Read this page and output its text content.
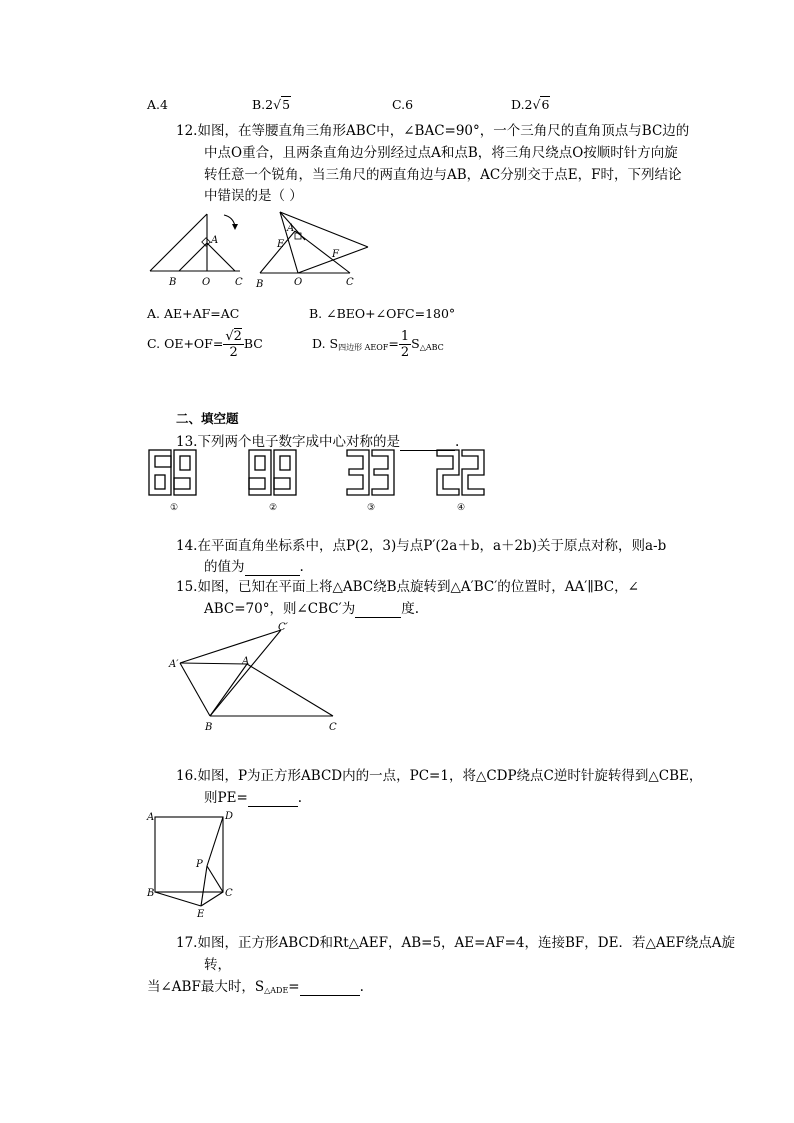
A.4	B.2√5	C.6	D.2√6
12.如图，在等腰直角三角形ABC中，∠BAC=90°，一个三角尺的直角顶点与BC边的
中点O重合，且两条直角边分别经过点A和点B，将三角尺绕点O按顺时针方向旋
转任意一个锐角，当三角尺的两直角边与AB，AC分别交于点E，F时，下列结论
中错误的是（ ）
A
B	O C
A
E
F
B	O	C
A. AE+AF=AC	B. ∠BEO+∠OFC=180°
C. $OE+OF= \frac{√2}{2}$ BC	D. $S_{四边形 AEOF}= \frac{1}{2} S_{\triangle ABC}$
二、填空题
13.下列两个电子数字成中心对称的是	.
①	②	③	④
14.在平面直角坐标系中，点P(2，3)与点P′(2a＋b，a＋2b)关于原点对称，则a-b
的值为	.
15.如图，已知在平面上将△ABC绕B点旋转到△A′BC′的位置时，AA′∥BC，∠
ABC=70°，则∠CBC′为	度.
C′
A′	A
B	C
16.如图，P为正方形ABCD内的一点，PC=1，将△CDP绕点C逆时针旋转得到△CBE，
则PE=	.
A	D
P
B	C
E
17.如图，正方形ABCD和Rt△AEF，AB=5，AE=AF=4，连接BF，DE．若△AEF绕点A旋
转，
当∠ABF最大时，$S_{\triangle ADE}=$	.
